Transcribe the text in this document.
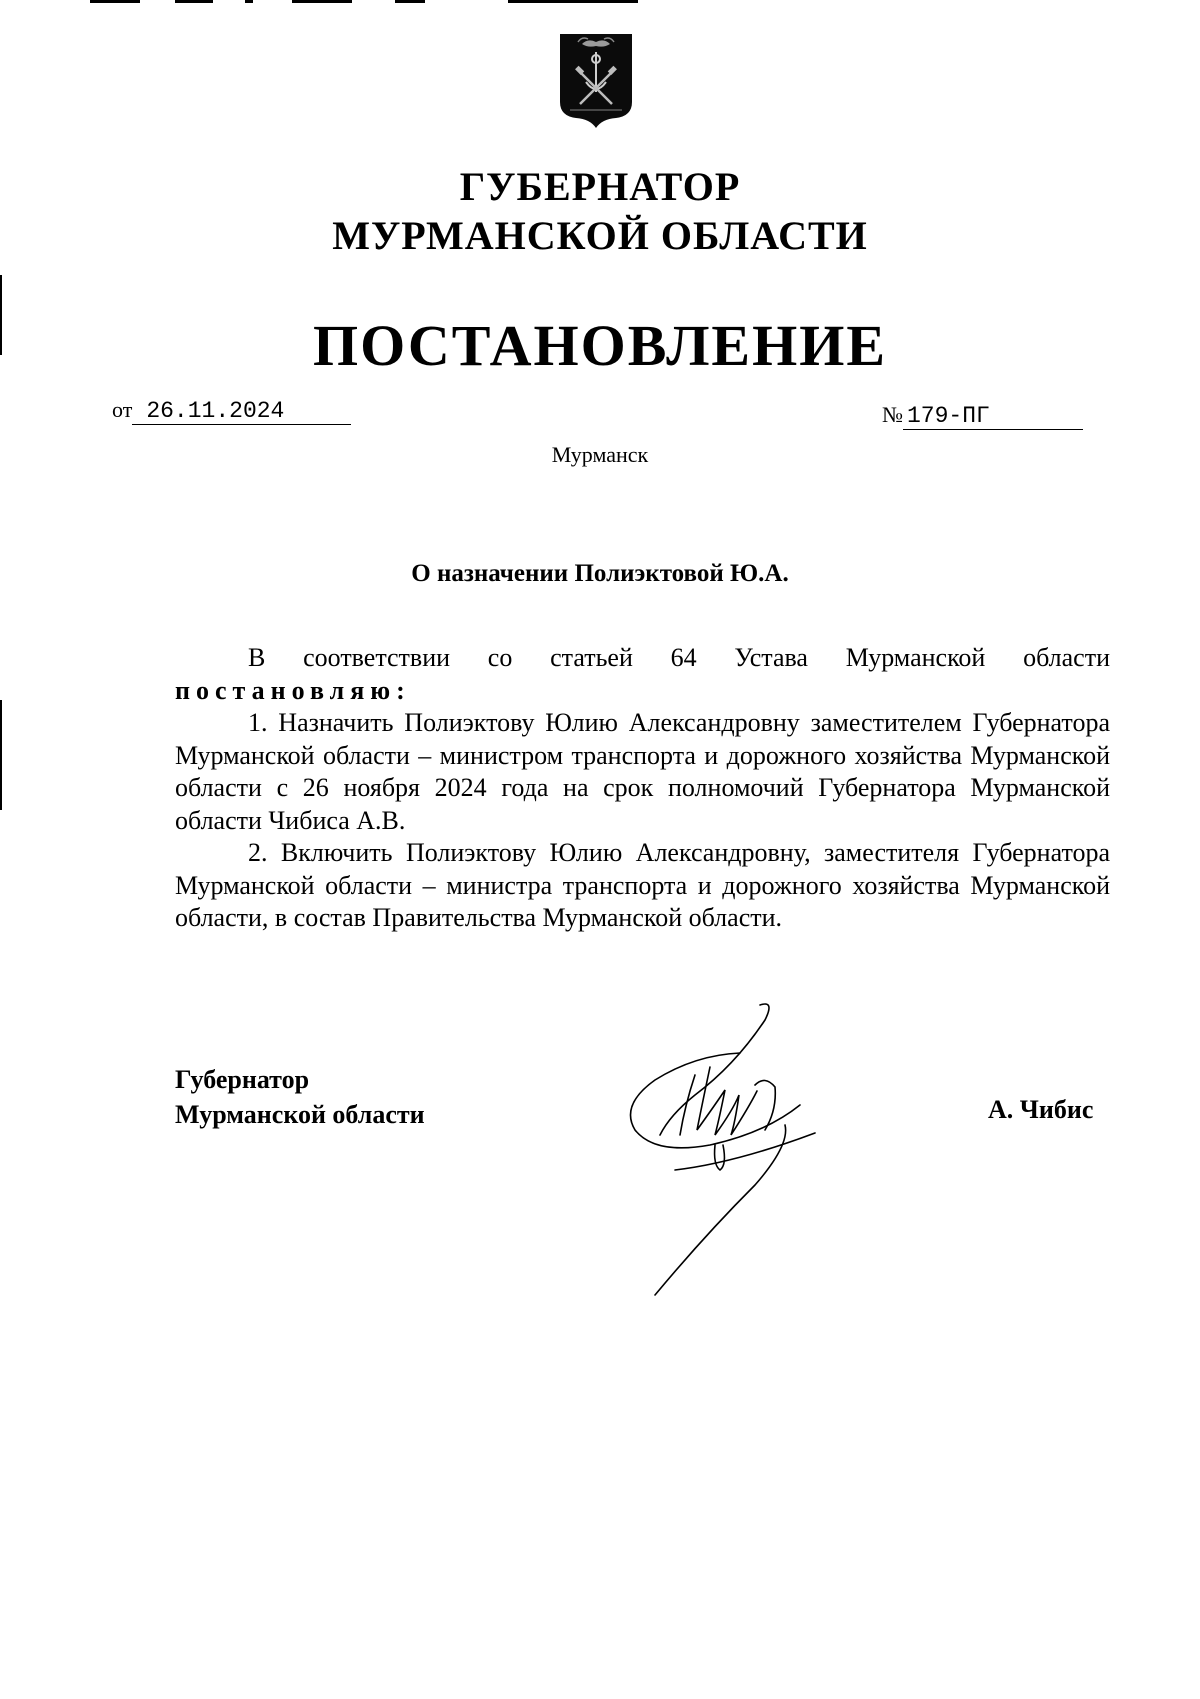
ГУБЕРНАТОР
МУРМАНСКОЙ ОБЛАСТИ
ПОСТАНОВЛЕНИЕ
от 26.11.2024	№ 179-ПГ
Мурманск
О назначении Полиэктовой Ю.А.

В соответствии со статьей 64 Устава Мурманской области

постановляю:

1. Назначить Полиэктову Юлию Александровну заместителем Губернатора Мурманской области – министром транспорта и дорожного хозяйства Мурманской области с 26 ноября 2024 года на срок полномочий Губернатора Мурманской области Чибиса А.В.

2. Включить Полиэктову Юлию Александровну, заместителя Губернатора Мурманской области – министра транспорта и дорожного хозяйства Мурманской области, в состав Правительства Мурманской области.

Губернатор
Мурманской области	А. Чибис
